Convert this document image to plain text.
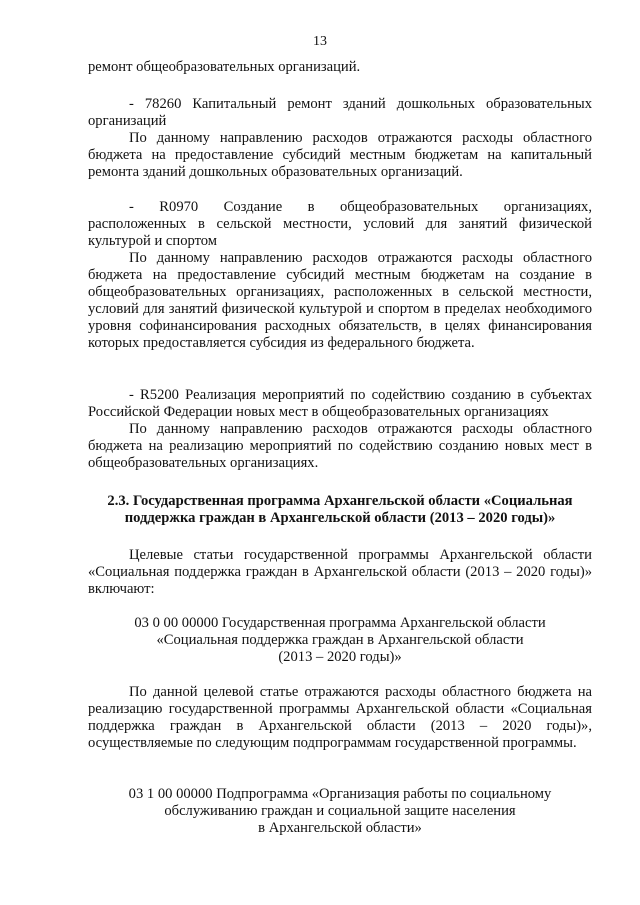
13

ремонт общеобразовательных организаций.

- 78260 Капитальный ремонт зданий дошкольных образовательных

организаций

По данному направлению расходов отражаются расходы областного бюджета на предоставление субсидий местным бюджетам на капитальный ремонта зданий дошкольных образовательных организаций.

- R0970 Создание в общеобразовательных организациях,

расположенных в сельской местности, условий для занятий физической

культурой и спортом

По данному направлению расходов отражаются расходы областного бюджета на предоставление субсидий местным бюджетам на создание в общеобразовательных организациях, расположенных в сельской местности, условий для занятий физической культурой и спортом в пределах необходимого уровня софинансирования расходных обязательств, в целях финансирования которых предоставляется субсидия из федерального бюджета.

- R5200 Реализация мероприятий по содействию созданию в субъектах

Российской Федерации новых мест в общеобразовательных организациях

По данному направлению расходов отражаются расходы областного бюджета на реализацию мероприятий по содействию созданию новых мест в общеобразовательных организациях.

2.3. Государственная программа Архангельской области «Социальная

поддержка граждан в Архангельской области (2013 – 2020 годы)»

Целевые статьи государственной программы Архангельской области «Социальная поддержка граждан в Архангельской области (2013 – 2020 годы)» включают:

03 0 00 00000 Государственная программа Архангельской области

«Социальная поддержка граждан в Архангельской области

(2013 – 2020 годы)»

По данной целевой статье отражаются расходы областного бюджета на реализацию государственной программы Архангельской области «Социальная поддержка граждан в Архангельской области (2013 – 2020 годы)», осуществляемые по следующим подпрограммам государственной программы.

03 1 00 00000 Подпрограмма «Организация работы по социальному

обслуживанию граждан и социальной защите населения

в Архангельской области»
